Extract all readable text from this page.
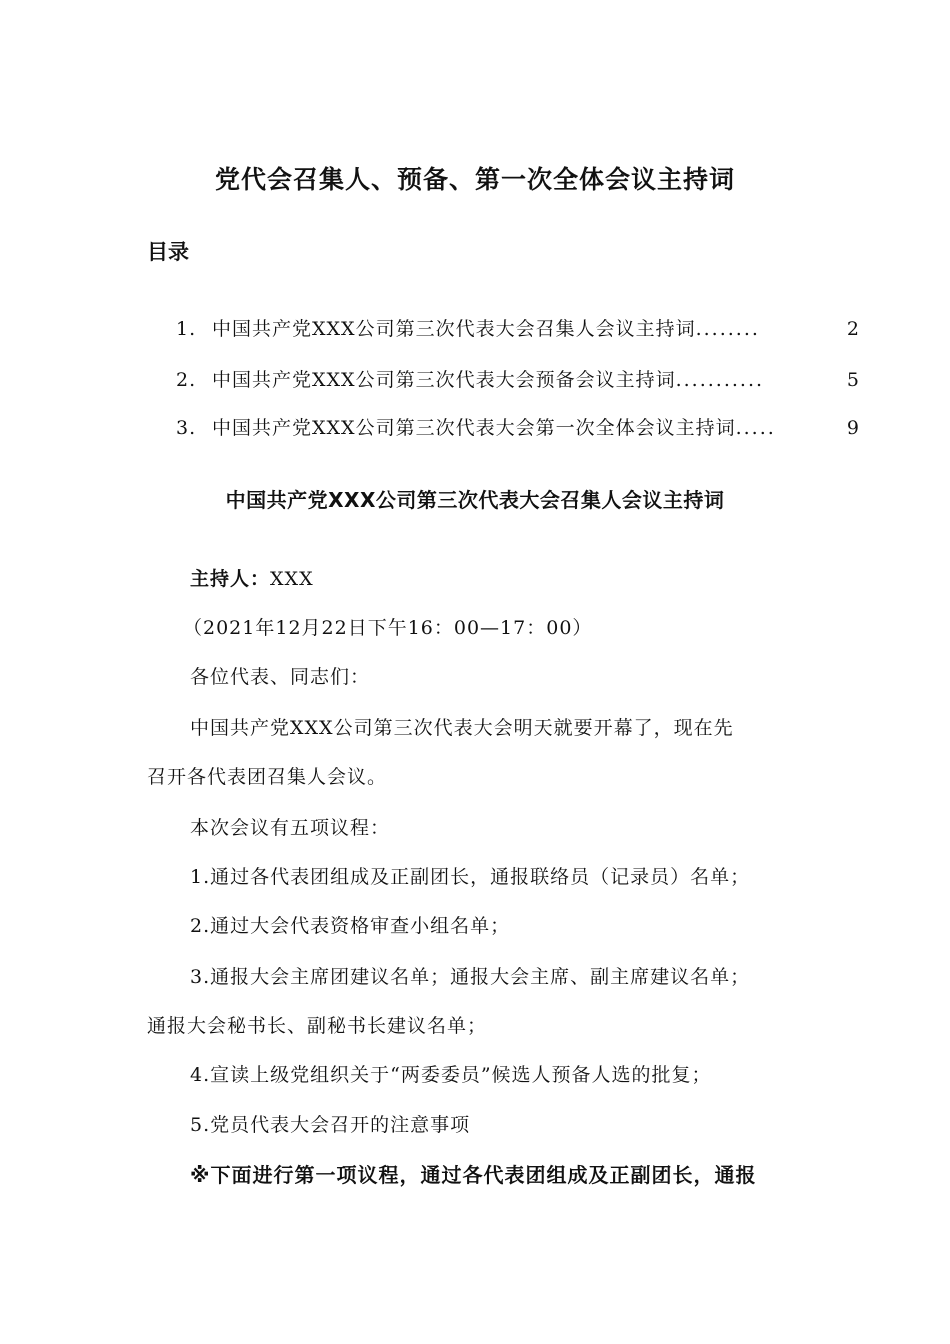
党代会召集人、预备、第一次全体会议主持词
目录
1. 中国共产党XXX公司第三次代表大会召集人会议主持词 ........	2
2. 中国共产党XXX公司第三次代表大会预备会议主持词 ...........	5
3. 中国共产党XXX公司第三次代表大会第一次全体会议主持词 .....	9
中国共产党XXX公司第三次代表大会召集人会议主持词
主持人：XXX
（2021年12月22日下午16：00—17：00）
各位代表、同志们：
中国共产党XXX公司第三次代表大会明天就要开幕了，现在先
召开各代表团召集人会议。
本次会议有五项议程：
1.通过各代表团组成及正副团长，通报联络员（记录员）名单；
2.通过大会代表资格审查小组名单；
3.通报大会主席团建议名单；通报大会主席、副主席建议名单；
通报大会秘书长、副秘书长建议名单；
4.宣读上级党组织关于“两委委员”候选人预备人选的批复；
5.党员代表大会召开的注意事项
※下面进行第一项议程，通过各代表团组成及正副团长，通报
